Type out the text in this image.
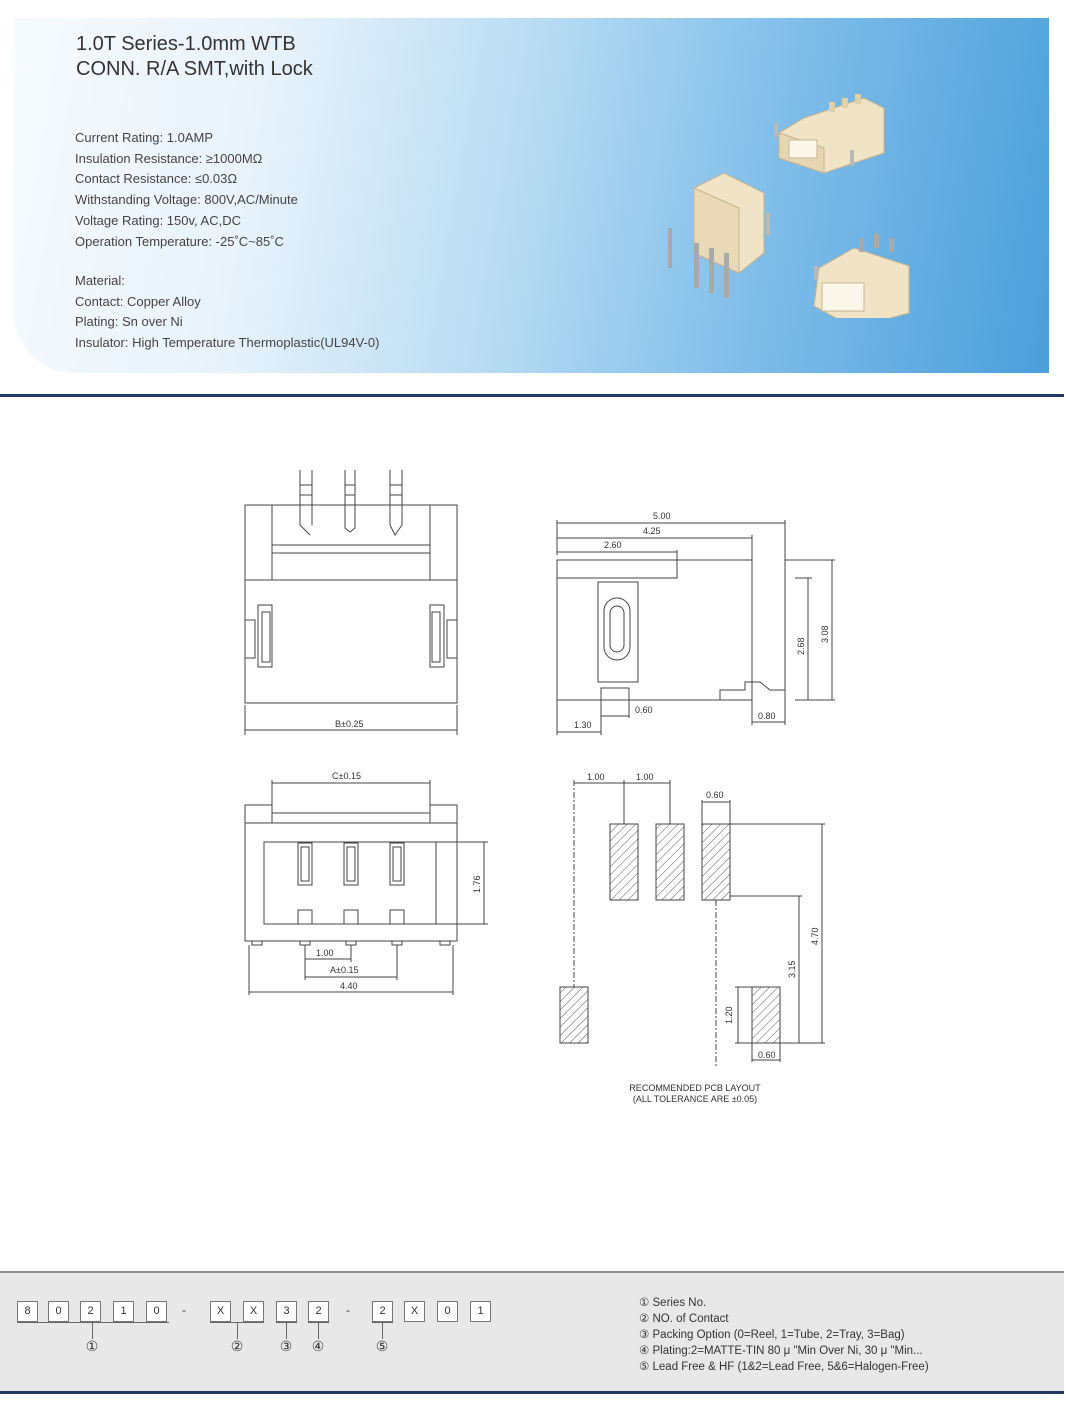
1.0T Series-1.0mm WTB
CONN. R/A SMT,with Lock
Current Rating: 1.0AMP
Insulation Resistance: ≥1000MΩ
Contact Resistance: ≤0.03Ω
Withstanding Voltage: 800V,AC/Minute
Voltage Rating: 150v, AC,DC
Operation Temperature: -25˚C~85˚C
Material:
Contact: Copper Alloy
Plating: Sn over Ni
Insulator: High Temperature Thermoplastic(UL94V-0)
B±0.25
5.00
4.25
2.60
2.68
3.08
0.60
1.30
0.80
C±0.15
1.76
1.00
A±0.15
4.40
1.00	1.00
0.60
4.70
3.15
1.20
0.60
RECOMMENDED PCB LAYOUT
(ALL TOLERANCE ARE ±0.05)
8	0	2	1	0	-	X	X	3	2	-	2	X	0	1
①	②	③ ④	⑤
① Series No.
② NO. of Contact
③ Packing Option (0=Reel, 1=Tube, 2=Tray, 3=Bag)
④ Plating:2=MATTE-TIN 80 μ "Min Over Ni, 30 μ "Min...
⑤ Lead Free & HF (1&2=Lead Free, 5&6=Halogen-Free)
